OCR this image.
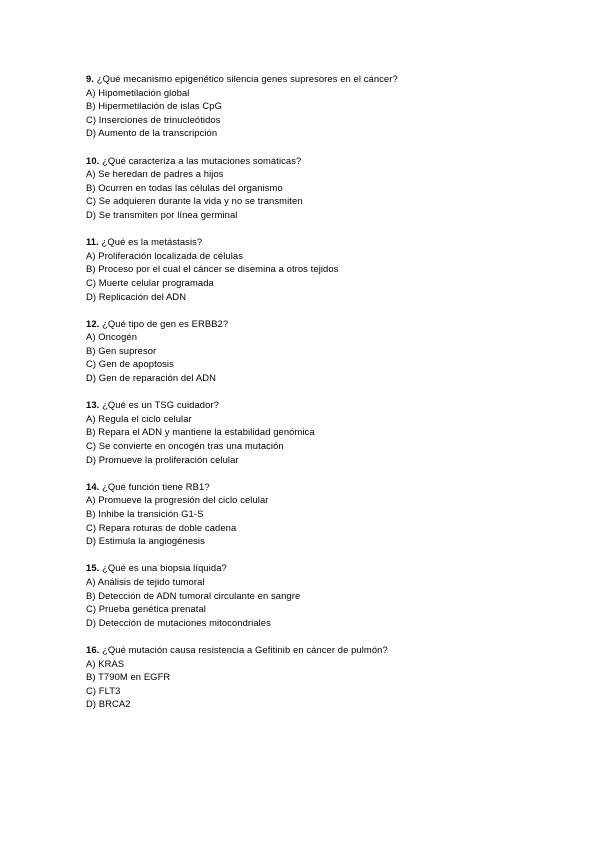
9. ¿Qué mecanismo epigenético silencia genes supresores en el cáncer?
A) Hipometilación global
B) Hipermetilación de islas CpG
C) Inserciones de trinucleótidos
D) Aumento de la transcripción
10. ¿Qué caracteriza a las mutaciones somáticas?
A) Se heredan de padres a hijos
B) Ocurren en todas las células del organismo
C) Se adquieren durante la vida y no se transmiten
D) Se transmiten por línea germinal
11. ¿Qué es la metástasis?
A) Proliferación localizada de células
B) Proceso por el cual el cáncer se disemina a otros tejidos
C) Muerte celular programada
D) Replicación del ADN
12. ¿Qué tipo de gen es ERBB2?
A) Oncogén
B) Gen supresor
C) Gen de apoptosis
D) Gen de reparación del ADN
13. ¿Qué es un TSG cuidador?
A) Regula el ciclo celular
B) Repara el ADN y mantiene la estabilidad genómica
C) Se convierte en oncogén tras una mutación
D) Promueve la proliferación celular
14. ¿Qué función tiene RB1?
A) Promueve la progresión del ciclo celular
B) Inhibe la transición G1-S
C) Repara roturas de doble cadena
D) Estimula la angiogénesis
15. ¿Qué es una biopsia líquida?
A) Análisis de tejido tumoral
B) Detección de ADN tumoral circulante en sangre
C) Prueba genética prenatal
D) Detección de mutaciones mitocondriales
16. ¿Qué mutación causa resistencia a Gefitinib en cáncer de pulmón?
A) KRAS
B) T790M en EGFR
C) FLT3
D) BRCA2
